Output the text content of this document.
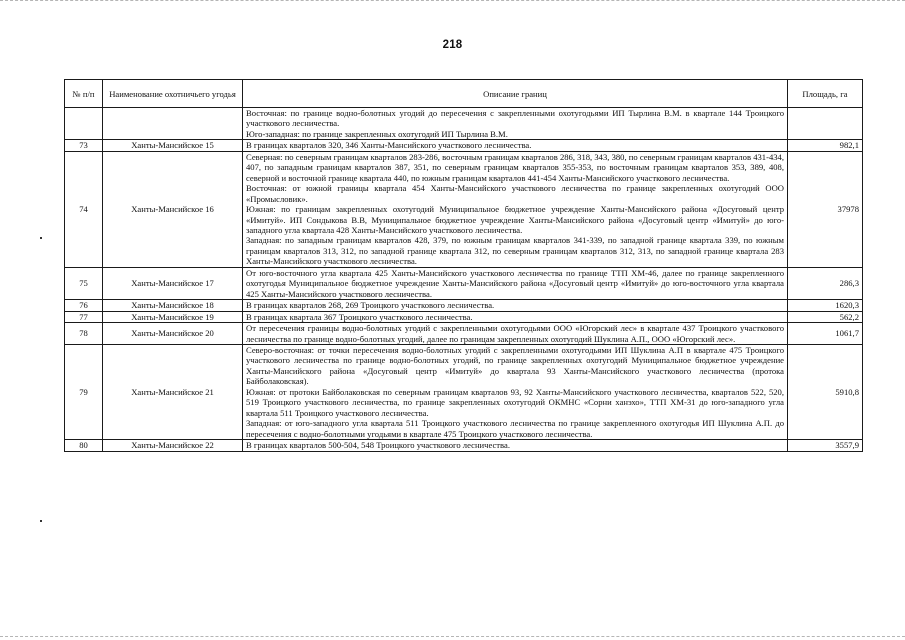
218
№ п/п	Наименование охотничьего угодья	Описание границ	Площадь, га

		Восточная: по границе водно-болотных угодий до пересечения с закрепленными охотугодьями ИП Тырлина В.М. в квартале 144 Троицкого участкового лесничества.
Юго-западная: по границе закрепленных охотугодий ИП Тырлина В.М.	

73	Ханты-Мансийское 15	В границах кварталов 320, 346 Ханты-Мансийского участкового лесничества.	982,1
74	Ханты-Мансийское 16	Северная: по северным границам кварталов 283-286, восточным границам кварталов 286, 318, 343, 380, по северным границам кварталов 431-434, 407, по западным границам кварталов 387, 351, по северным границам кварталов 355-353, по восточным границам кварталов 353, 389, 408, северной и восточной границе квартала 440, по южным границам кварталов 441-454 Ханты-Мансийского участкового лесничества.
Восточная: от южной границы квартала 454 Ханты-Мансийского участкового лесничества по границе закрепленных охотугодий ООО «Промысловик».
Южная: по границам закрепленных охотугодий Муниципальное бюджетное учреждение Ханты-Мансийского района «Досуговый центр «Имитуй». ИП Сондыкова В.В, Муниципальное бюджетное учреждение Ханты-Мансийского района «Досуговый центр «Имитуй» до юго-западного угла квартала 428 Ханты-Мансийского участкового лесничества.
Западная: по западным границам кварталов 428, 379, по южным границам кварталов 341-339, по западной границе квартала 339, по южным границам кварталов 313, 312, по западной границе квартала 312, по северным границам кварталов 312, 313, по западной границе квартала 283 Ханты-Мансийского участкового лесничества.	37978
75	Ханты-Мансийское 17	От юго-восточного угла квартала 425 Ханты-Мансийского участкового лесничества по границе ТТП ХМ-46, далее по границе закрепленного охотугодья Муниципальное бюджетное учреждение Ханты-Мансийского района «Досуговый центр «Имитуй» до юго-восточного угла квартала 425 Ханты-Мансийского участкового лесничества.	286,3
76	Ханты-Мансийское 18	В границах кварталов 268, 269 Троицкого участкового лесничества.	1620,3
77	Ханты-Мансийское 19	В границах квартала 367 Троицкого участкового лесничества.	562,2
78	Ханты-Мансийское 20	От пересечения границы водно-болотных угодий с закрепленными охотугодьями ООО «Югорский лес» в квартале 437 Троицкого участкового лесничества по границе водно-болотных угодий, далее по границам закрепленных охотугодий Шуклина А.П., ООО «Югорский лес».	1061,7
79	Ханты-Мансийское 21	Северо-восточная: от точки пересечения водно-болотных угодий с закрепленными охотугодьями ИП Шуклина А.П в квартале 475 Троицкого участкового лесничества по границе водно-болотных угодий, по границе закрепленных охотугодий Муниципальное бюджетное учреждение Ханты-Мансийского района «Досуговый центр «Имитуй» до квартала 93 Ханты-Мансийского участкового лесничества (протока Байболаковская).
Южная: от протоки Байболаковская по северным границам кварталов 93, 92 Ханты-Мансийского участкового лесничества, кварталов 522, 520, 519 Троицкого участкового лесничества, по границе закрепленных охотугодий ОКМНС «Сорни ханэхо», ТТП ХМ-31 до юго-западного угла квартала 511 Троицкого участкового лесничества.
Западная: от юго-западного угла квартала 511 Троицкого участкового лесничества по границе закрепленного охотугодья ИП Шуклина А.П. до пересечения с водно-болотными угодьями в квартале 475 Троицкого участкового лесничества.	5910,8
80	Ханты-Мансийское 22	В границах кварталов 500-504, 548 Троицкого участкового лесничества.	3557,9
